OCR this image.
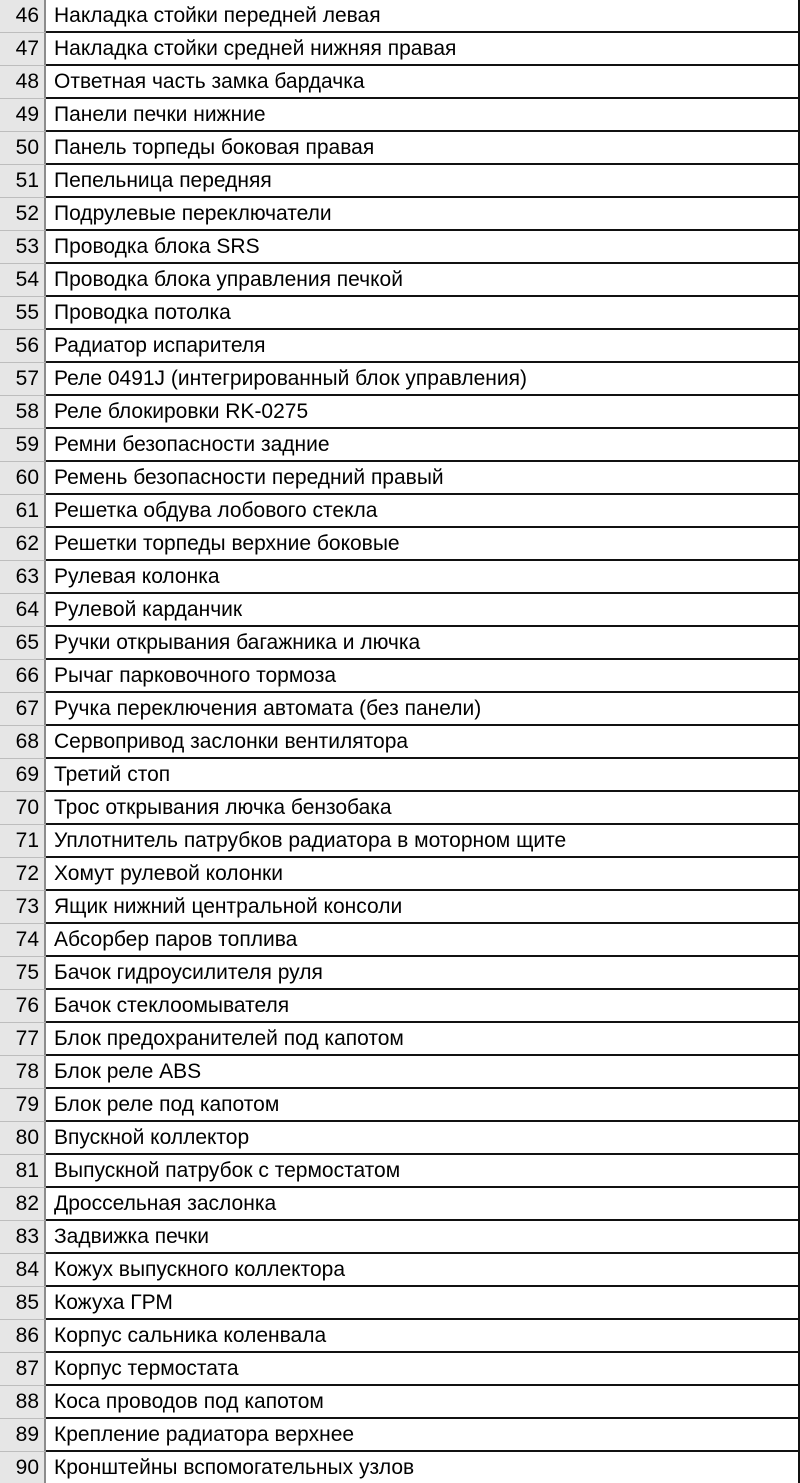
46 Накладка стойки передней левая
47 Накладка стойки средней нижняя правая
48 Ответная часть замка бардачка
49 Панели печки нижние
50 Панель торпеды боковая правая
51 Пепельница передняя
52 Подрулевые переключатели
53 Проводка блока SRS
54 Проводка блока управления печкой
55 Проводка потолка
56 Радиатор испарителя
57 Реле 0491J (интегрированный блок управления)
58 Реле блокировки RK-0275
59 Ремни безопасности задние
60 Ремень безопасности передний правый
61 Решетка обдува лобового стекла
62 Решетки торпеды верхние боковые
63 Рулевая колонка
64 Рулевой карданчик
65 Ручки открывания багажника и лючка
66 Рычаг парковочного тормоза
67 Ручка переключения автомата (без панели)
68 Сервопривод заслонки вентилятора
69 Третий стоп
70 Трос открывания лючка бензобака
71 Уплотнитель патрубков радиатора в моторном щите
72 Хомут рулевой колонки
73 Ящик нижний центральной консоли
74 Абсорбер паров топлива
75 Бачок гидроусилителя руля
76 Бачок стеклоомывателя
77 Блок предохранителей под капотом
78 Блок реле ABS
79 Блок реле под капотом
80 Впускной коллектор
81 Выпускной патрубок с термостатом
82 Дроссельная заслонка
83 Задвижка печки
84 Кожух выпускного коллектора
85 Кожуха ГРМ
86 Корпус сальника коленвала
87 Корпус термостата
88 Коса проводов под капотом
89 Крепление радиатора верхнее
90 Кронштейны вспомогательных узлов
